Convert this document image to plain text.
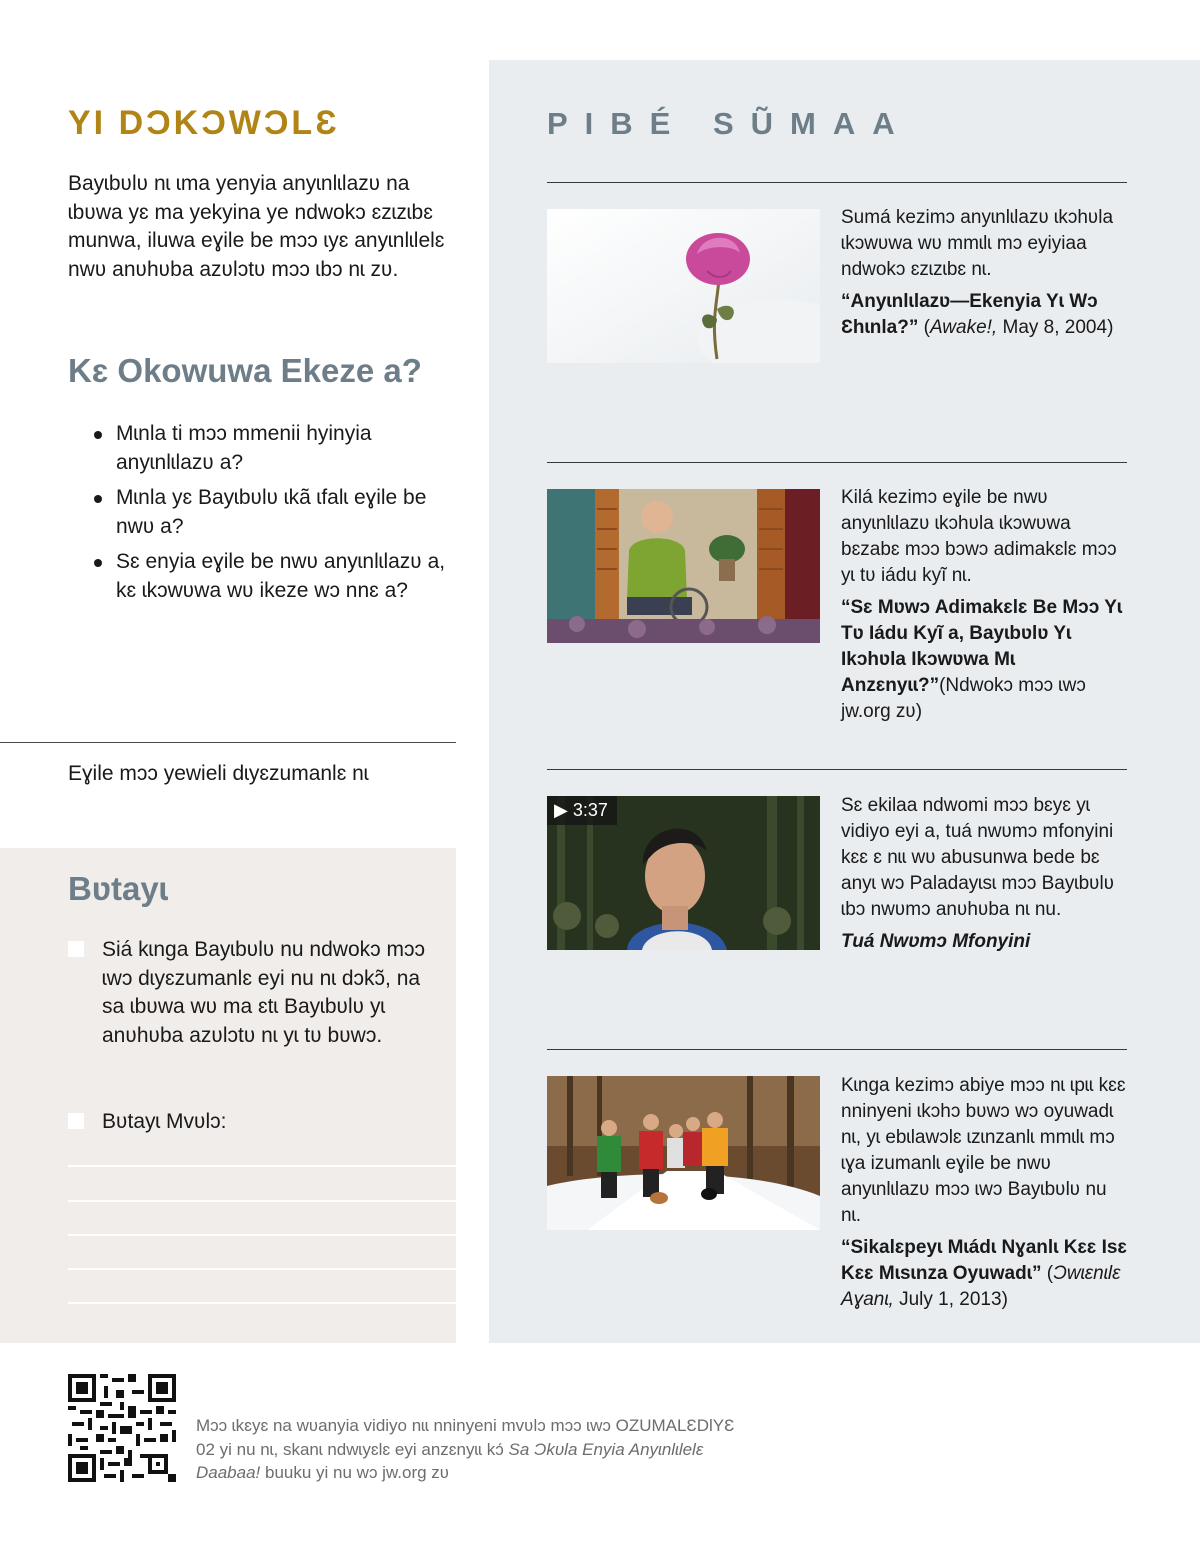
YƖ DƆKƆWƆLƐ
Bayɩbʋlʋ nɩ ɩma yenyia anyɩnlɩlazʋ na ɩbʋwa yɛ ma yekyina ye ndwokɔ ɛzɩzɩbɛ munwa, iluwa eɣile be mɔɔ ɩyɛ anyɩnlɩlelɛ nwʋ anʋhʋba azʋlɔtʋ mɔɔ ɩbɔ nɩ zʋ.
Kɛ Okowuwa Ekeze a?
Mɩnla ti mɔɔ mmenii hyinyia anyɩnlɩlazʋ a?
Mɩnla yɛ Bayɩbʋlʋ ɩkã ɩfalɩ eɣile be nwʋ a?
Sɛ enyia eɣile be nwʋ anyɩnlɩlazʋ a, kɛ ɩkɔwʋwa wʋ ikeze wɔ nnɛ a?
Eɣile mɔɔ yewieli dɩyɛzumanlɛ nɩ
Bʋtayɩ
Siá kɩnga Bayɩbʋlʋ nu ndwokɔ mɔɔ ɩwɔ dɩyɛzumanlɛ eyi nu nɩ dɔkɔ̃, na sa ɩbʋwa wʋ ma ɛtɩ Bayɩbʋlʋ yɩ anʋhʋba azʋlɔtʋ nɩ yɩ tʋ bʋwɔ.
Bʋtayɩ Mvʋlɔ:
PƖBÉ SŨMAA

Sumá kezimɔ anyɩnlɩlazʋ ɩkɔhʋla ɩkɔwʋwa wʋ mmɩlɩ mɔ eyiyiaa ndwokɔ ɛzɩzɩbɛ nɩ.

“Anyɩnlɩlazʋ—Ekenyia Yɩ Wɔ Ɛhɩnla?” (Awake!, May 8, 2004)

Kilá kezimɔ eɣile be nwʋ anyɩnlɩlazʋ ɩkɔhʋla ɩkɔwʋwa bɛzabɛ mɔɔ bɔwɔ adimakɛlɛ mɔɔ yɩ tʋ iádu kyĩ nɩ.

“Sɛ Mʋwɔ Adimakɛlɛ Be Mɔɔ Yɩ Tʋ Iádu Kyĩ a, Bayɩbʋlʋ Yɩ Ɩkɔhʋla Ɩkɔwʋwa Mɩ Anzɛnyɩɩ?”(Ndwokɔ mɔɔ ɩwɔ jw.org zʋ)

▶ 3:37	Sɛ ekilaa ndwomi mɔɔ bɛyɛ yɩ vidiyo eyi a, tuá nwʋmɔ mfonyini kɛɛ ɛ nɩɩ wʋ abusunwa bede bɛ anyɩ wɔ Paladayɩsɩ mɔɔ Bayɩbʋlʋ ɩbɔ nwʋmɔ anʋhʋba nɩ nu.

Tuá Nwʋmɔ Mfonyini

Kɩnga kezimɔ abiye mɔɔ nɩ ɩpɩɩ kɛɛ nninyeni ɩkɔhɔ bʋwɔ wɔ oyuwadɩ nɩ, yɩ ebɩlawɔlɛ ɩzɩnzanlɩ mmɩlɩ mɔ ɩɣa izumanlɩ eɣile be nwʋ anyɩnlɩlazʋ mɔɔ ɩwɔ Bayɩbʋlʋ nu nɩ.

“Sikalɛpeyɩ Mɩádɩ Nɣanlɩ Kɛɛ Ɩsɛ Kɛɛ Mɩsɩnza Oyuwadɩ” (Ɔwɩɛnɩlɛ Aɣanɩ, July 1, 2013)

Mɔɔ ɩkɛyɛ na wʋanyia vidiyo nɩɩ nninyeni mvʋlɔ mɔɔ ɩwɔ OZUMALƐDƖYƐ 02 yi nu nɩ, skanɩ ndwɩyɛlɛ eyi anzɛnyɩɩ kɔ́ Sa Ɔkʋla Enyia Anyɩnlɩlelɛ Daabaa! buuku yi nu wɔ jw.org zʋ
